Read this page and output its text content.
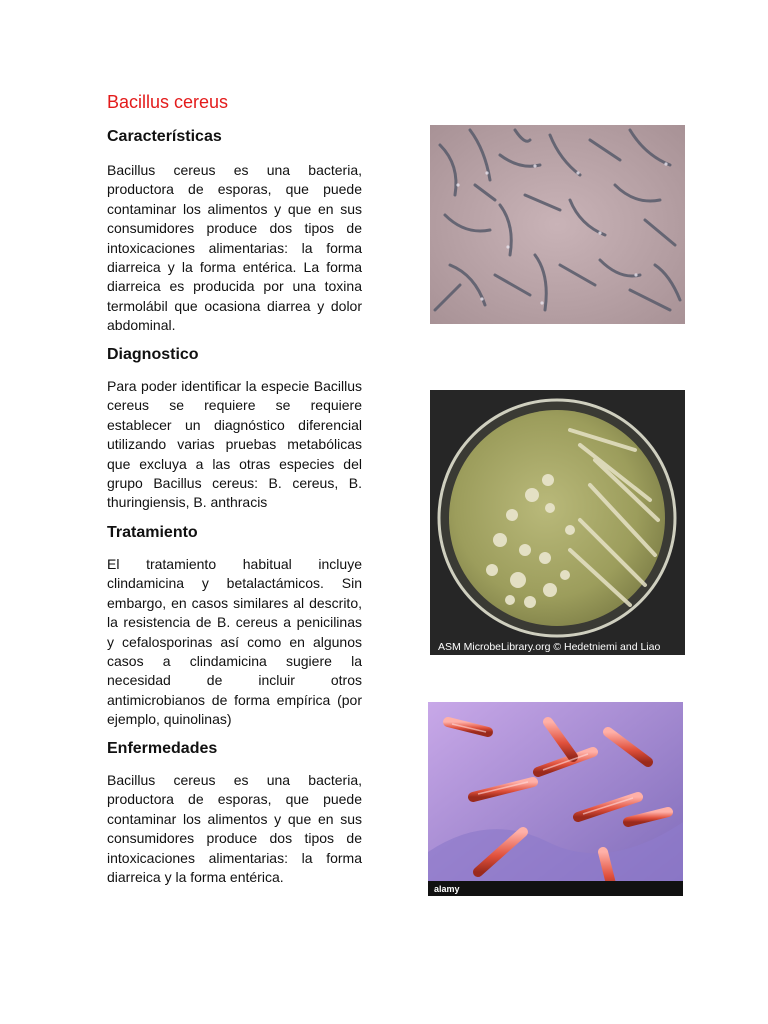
Bacillus cereus
Características

Bacillus cereus es una bacteria, productora de esporas, que puede contaminar los alimentos y que en sus consumidores produce dos tipos de intoxicaciones alimentarias: la forma diarreica y la forma entérica. La forma diarreica es producida por una toxina termolábil que ocasiona diarrea y dolor abdominal.

Diagnostico

Para poder identificar la especie Bacillus cereus se requiere se requiere establecer un diagnóstico diferencial utilizando varias pruebas metabólicas que excluya a las otras especies del grupo Bacillus cereus: B. cereus, B. thuringiensis, B. anthracis

Tratamiento

El tratamiento habitual incluye clindamicina y betalactámicos. Sin embargo, en casos similares al descrito, la resistencia de B. cereus a penicilinas y cefalosporinas así como en algunos casos a clindamicina sugiere la necesidad de incluir otros antimicrobianos de forma empírica (por ejemplo, quinolinas)

Enfermedades

Bacillus cereus es una bacteria, productora de esporas, que puede contaminar los alimentos y que en sus consumidores produce dos tipos de intoxicaciones alimentarias: la forma diarreica y la forma entérica.

ASM MicrobeLibrary.org © Hedetniemi and Liao
alamy
